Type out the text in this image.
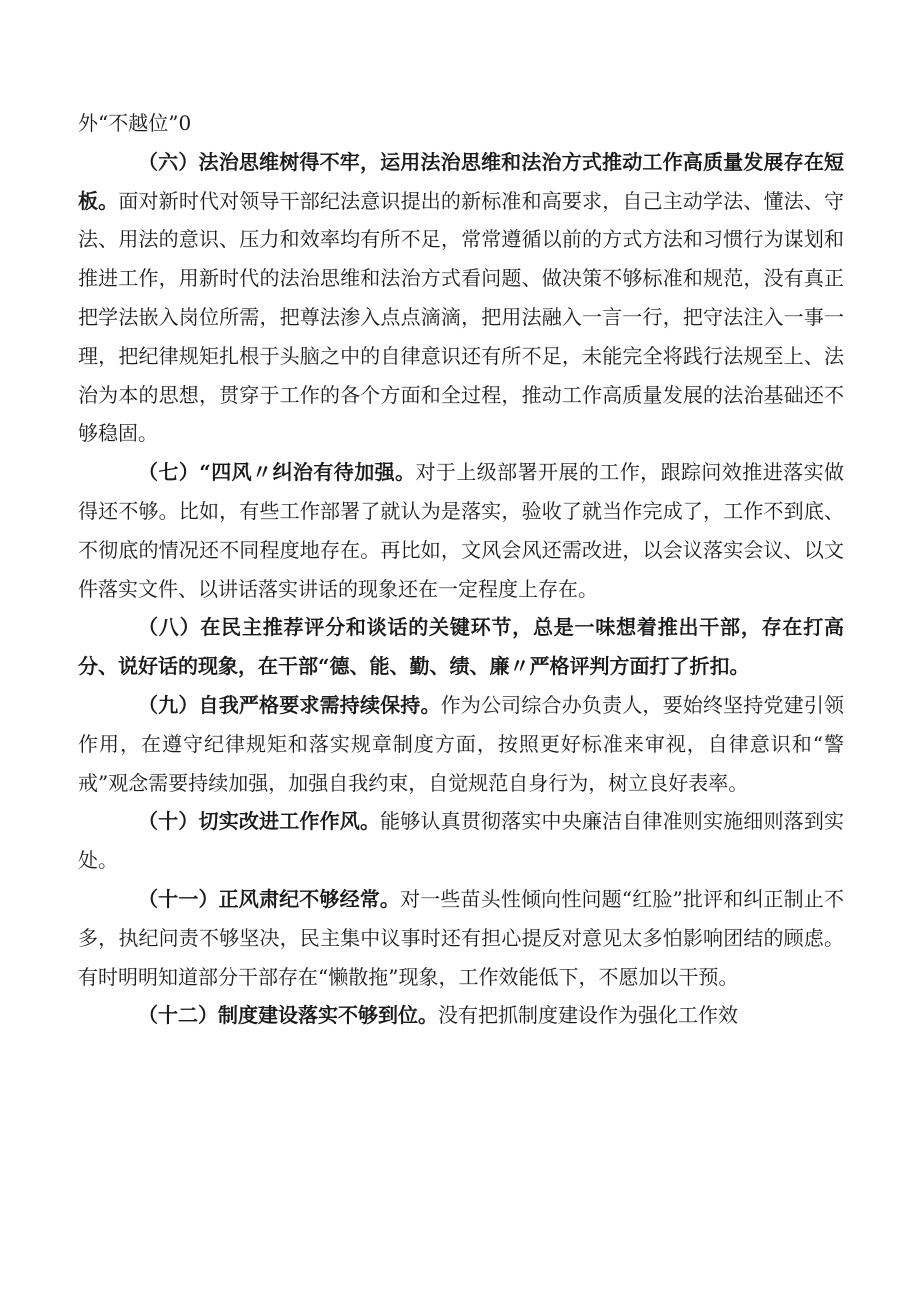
外“不越位”0

（六）法治思维树得不牢，运用法治思维和法治方式推动工作高质量发展存在短板。面对新时代对领导干部纪法意识提出的新标准和高要求，自己主动学法、懂法、守法、用法的意识、压力和效率均有所不足，常常遵循以前的方式方法和习惯行为谋划和推进工作，用新时代的法治思维和法治方式看问题、做决策不够标准和规范，没有真正把学法嵌入岗位所需，把尊法渗入点点滴滴，把用法融入一言一行，把守法注入一事一理，把纪律规矩扎根于头脑之中的自律意识还有所不足，未能完全将践行法规至上、法治为本的思想，贯穿于工作的各个方面和全过程，推动工作高质量发展的法治基础还不够稳固。

（七）“四风〃纠治有待加强。对于上级部署开展的工作，跟踪问效推进落实做得还不够。比如，有些工作部署了就认为是落实，验收了就当作完成了，工作不到底、不彻底的情况还不同程度地存在。再比如，文风会风还需改进，以会议落实会议、以文件落实文件、以讲话落实讲话的现象还在一定程度上存在。

（八）在民主推荐评分和谈话的关键环节，总是一味想着推出干部，存在打高分、说好话的现象，在干部“德、能、勤、绩、廉〃严格评判方面打了折扣。

（九）自我严格要求需持续保持。作为公司综合办负责人，要始终坚持党建引领作用，在遵守纪律规矩和落实规章制度方面，按照更好标准来审视，自律意识和“警戒”观念需要持续加强，加强自我约束，自觉规范自身行为，树立良好表率。

（十）切实改进工作作风。能够认真贯彻落实中央廉洁自律准则实施细则落到实处。

（十一）正风肃纪不够经常。对一些苗头性倾向性问题“红脸”批评和纠正制止不多，执纪问责不够坚决，民主集中议事时还有担心提反对意见太多怕影响团结的顾虑。有时明明知道部分干部存在“懒散拖”现象，工作效能低下，不愿加以干预。

（十二）制度建设落实不够到位。没有把抓制度建设作为强化工作效
